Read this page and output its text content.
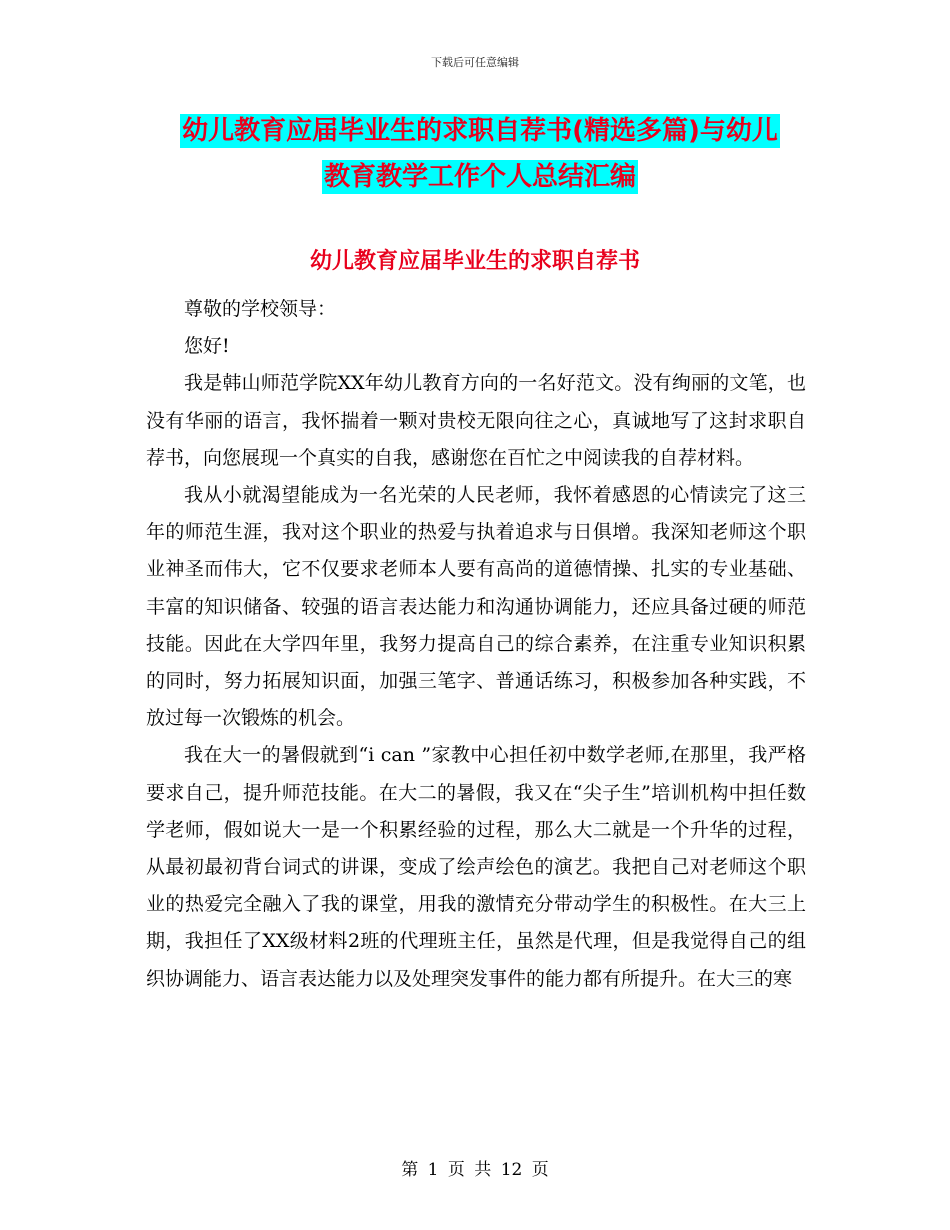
下载后可任意编辑
幼儿教育应届毕业生的求职自荐书(精选多篇)与幼儿
教育教学工作个人总结汇编
幼儿教育应届毕业生的求职自荐书

尊敬的学校领导：

您好!

我是韩山师范学院XX年幼儿教育方向的一名好范文。没有绚丽的文笔，也没有华丽的语言，我怀揣着一颗对贵校无限向往之心，真诚地写了这封求职自荐书，向您展现一个真实的自我，感谢您在百忙之中阅读我的自荐材料。

我从小就渴望能成为一名光荣的人民老师，我怀着感恩的心情读完了这三年的师范生涯，我对这个职业的热爱与执着追求与日俱增。我深知老师这个职业神圣而伟大，它不仅要求老师本人要有高尚的道德情操、扎实的专业基础、丰富的知识储备、较强的语言表达能力和沟通协调能力，还应具备过硬的师范技能。因此在大学四年里，我努力提高自己的综合素养，在注重专业知识积累的同时，努力拓展知识面，加强三笔字、普通话练习，积极参加各种实践，不放过每一次锻炼的机会。

我在大一的暑假就到“i can ”家教中心担任初中数学老师,在那里，我严格要求自己，提升师范技能。在大二的暑假，我又在“尖子生”培训机构中担任数学老师，假如说大一是一个积累经验的过程，那么大二就是一个升华的过程，从最初最初背台词式的讲课，变成了绘声绘色的演艺。我把自己对老师这个职业的热爱完全融入了我的课堂，用我的激情充分带动学生的积极性。在大三上期，我担任了XX级材料2班的代理班主任，虽然是代理，但是我觉得自己的组织协调能力、语言表达能力以及处理突发事件的能力都有所提升。在大三的寒

第 1 页 共 12 页
